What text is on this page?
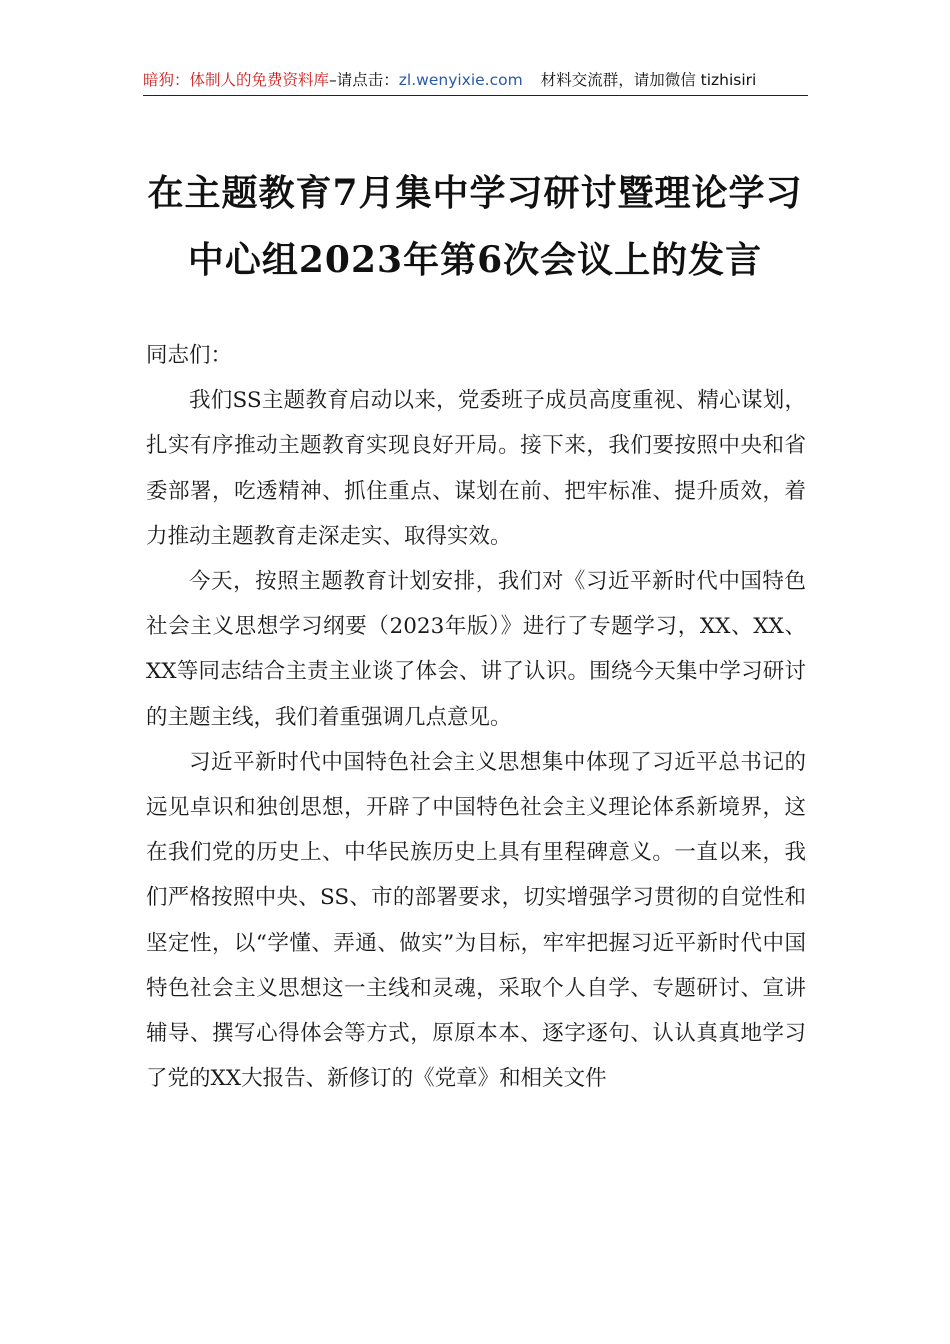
暗狗：体制人的免费资料库–请点击：zl.wenyixie.com 材料交流群，请加微信 tizhisiri
在主题教育7月集中学习研讨暨理论学习
中心组2023年第6次会议上的发言

同志们：

我们SS主题教育启动以来，党委班子成员高度重视、精心谋划，扎实有序推动主题教育实现良好开局。接下来，我们要按照中央和省委部署，吃透精神、抓住重点、谋划在前、把牢标准、提升质效，着力推动主题教育走深走实、取得实效。

今天，按照主题教育计划安排，我们对《习近平新时代中国特色社会主义思想学习纲要（2023年版）》进行了专题学习，XX、XX、XX等同志结合主责主业谈了体会、讲了认识。围绕今天集中学习研讨的主题主线，我们着重强调几点意见。

习近平新时代中国特色社会主义思想集中体现了习近平总书记的远见卓识和独创思想，开辟了中国特色社会主义理论体系新境界，这在我们党的历史上、中华民族历史上具有里程碑意义。一直以来，我们严格按照中央、SS、市的部署要求，切实增强学习贯彻的自觉性和坚定性，以“学懂、弄通、做实”为目标，牢牢把握习近平新时代中国特色社会主义思想这一主线和灵魂，采取个人自学、专题研讨、宣讲辅导、撰写心得体会等方式，原原本本、逐字逐句、认认真真地学习了党的XX大报告、新修订的《党章》和相关文件
